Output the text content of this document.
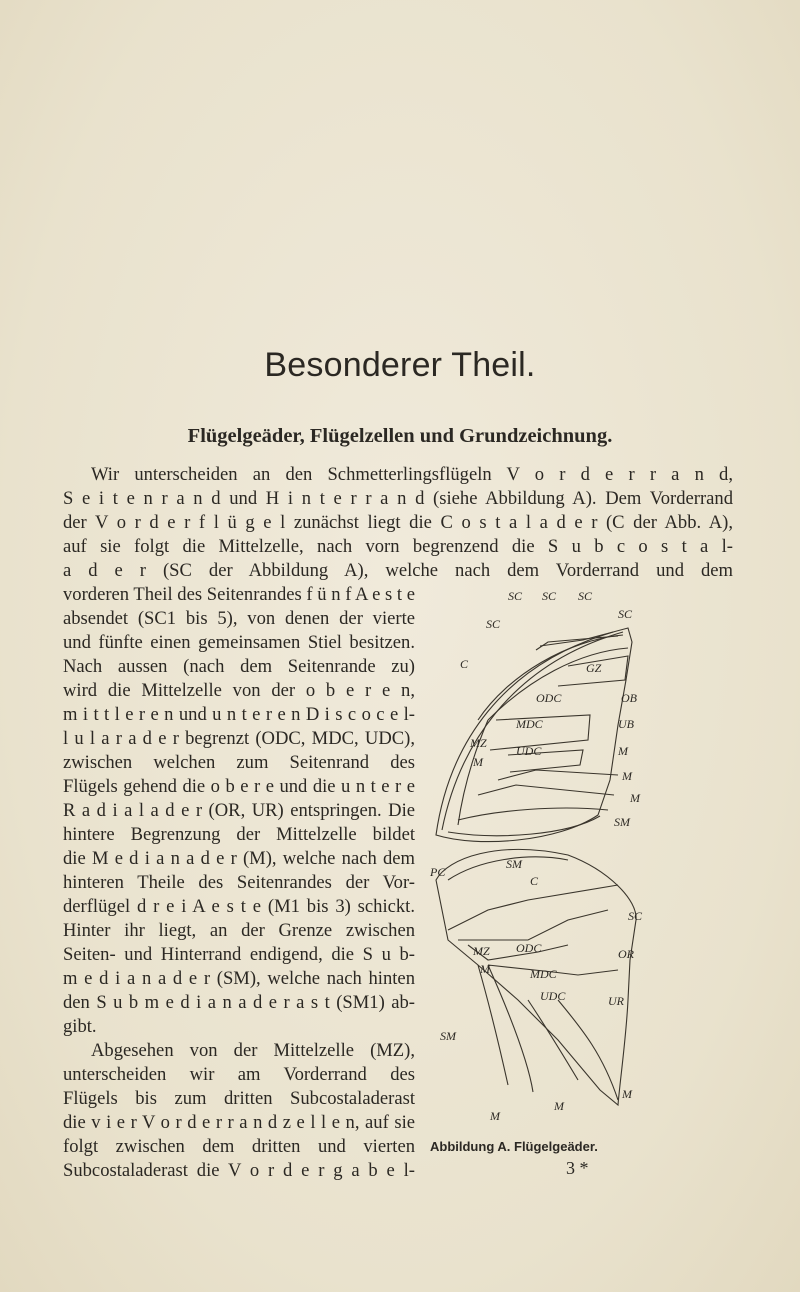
Besonderer Theil.
Flügelgeäder, Flügelzellen und Grundzeichnung.
Wir unterscheiden an den Schmetterlingsflügeln V o r d e r r a n d,
S e i t e n r a n d und H i n t e r r a n d (siehe Abbildung A). Dem Vorderrand
der V o r d e r f l ü g e l zunächst liegt die C o s t a l a d e r (C der Abb. A),
auf sie folgt die Mittelzelle, nach vorn begrenzend die S u b c o s t a l-
a d e r (SC der Abbildung A), welche nach dem Vorderrand und dem
vorderen Theil des Seitenrandes f ü n f A e s t e
absendet (SC1 bis 5), von denen der vierte
und fünfte einen gemeinsamen Stiel besitzen.
Nach aussen (nach dem Seitenrande zu)
wird die Mittelzelle von der o b e r e n,
m i t t l e r e n und u n t e r e n D i s c o c e l-
l u l a r a d e r begrenzt (ODC, MDC, UDC),
zwischen welchen zum Seitenrand des
Flügels gehend die o b e r e und die u n t e r e
R a d i a l a d e r (OR, UR) entspringen. Die
hintere Begrenzung der Mittelzelle bildet
die M e d i a n a d e r (M), welche nach dem
hinteren Theile des Seitenrandes der Vor-
derflügel d r e i A e s t e (M1 bis 3) schickt.
Hinter ihr liegt, an der Grenze zwischen
Seiten- und Hinterrand endigend, die S u b-
m e d i a n a d e r (SM), welche nach hinten
den S u b m e d i a n a d e r a s t (SM1) ab-
gibt.
Abgesehen von der Mittelzelle (MZ),
unterscheiden wir am Vorderrand des
Flügels bis zum dritten Subcostaladerast
die v i e r V o r d e r r a n d z e l l e n, auf sie
folgt zwischen dem dritten und vierten
Subcostaladerast die V o r d e r g a b e l-
SC SC SC
SC
SC
C	GZ
ODC	OB
MDC	UB
UDC
MZ
M
M
M
M
SM
SM
PC
C
SC
MZ ODC	OR
M	MDC
UDC	UR
SM
M
M
M
Abbildung A. Flügelgeäder.
3 *
